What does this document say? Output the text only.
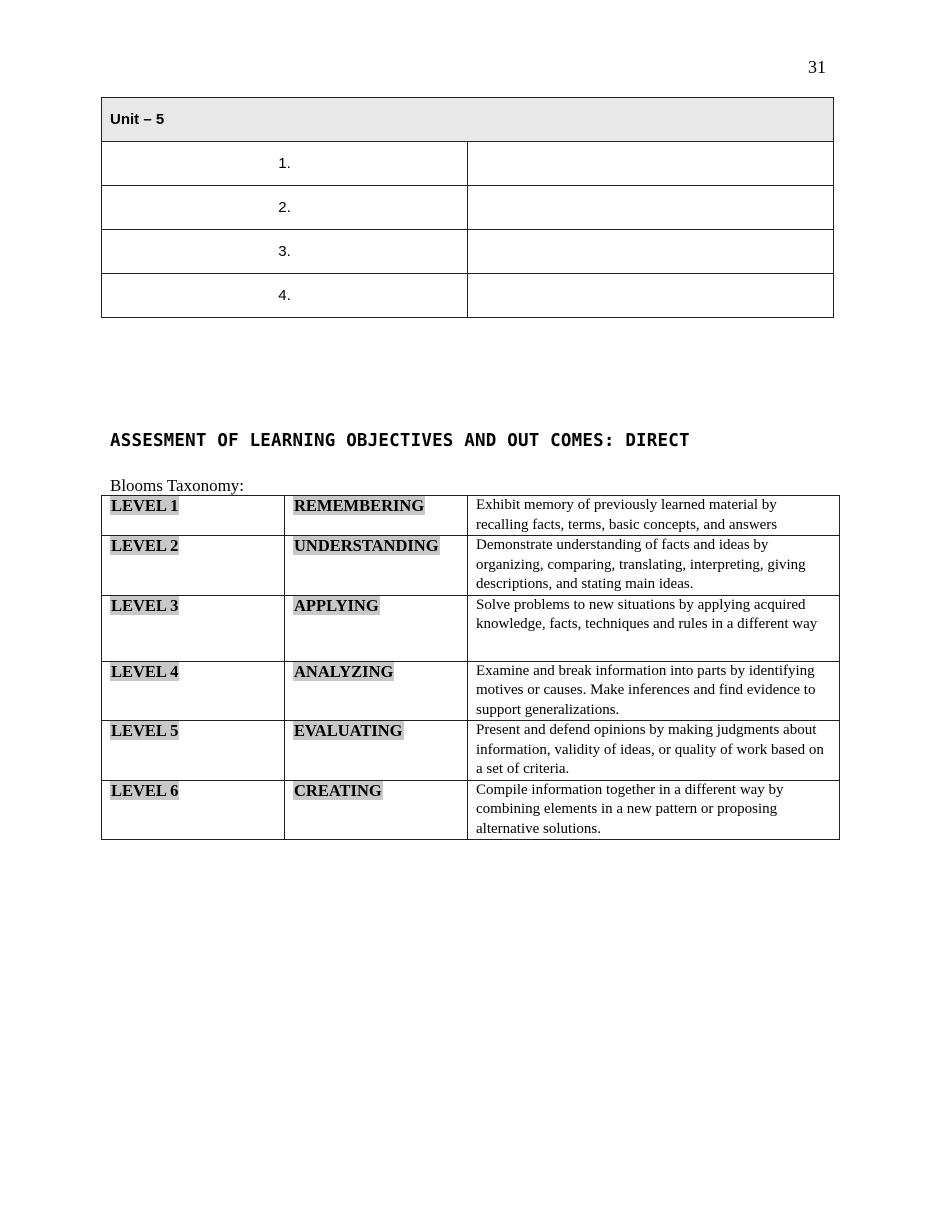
31
Unit – 5	
1.	
2.	
3.	
4.	
ASSESMENT OF LEARNING OBJECTIVES AND OUT COMES: DIRECT
Blooms Taxonomy:
LEVEL 1	REMEMBERING	Exhibit memory of previously learned material by recalling facts, terms, basic concepts, and answers
LEVEL 2	UNDERSTANDING	Demonstrate understanding of facts and ideas by organizing, comparing, translating, interpreting, giving descriptions, and stating main ideas.
LEVEL 3	APPLYING	Solve problems to new situations by applying acquired knowledge, facts, techniques and rules in a different way
LEVEL 4	ANALYZING	Examine and break information into parts by identifying motives or causes. Make inferences and find evidence to support generalizations.
LEVEL 5	EVALUATING	Present and defend opinions by making judgments about information, validity of ideas, or quality of work based on a set of criteria.
LEVEL 6	CREATING	Compile information together in a different way by combining elements in a new pattern or proposing alternative solutions.
